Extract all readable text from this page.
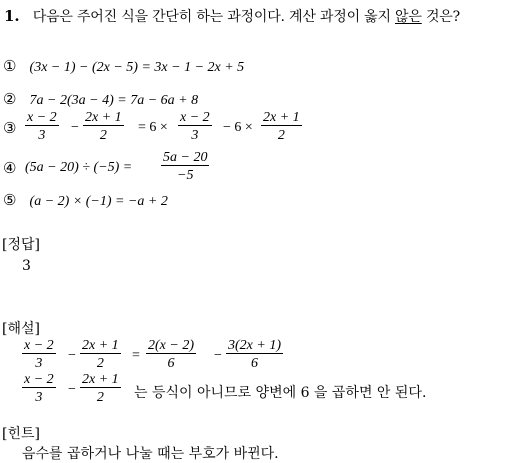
1. 다음은 주어진 식을 간단히 하는 과정이다. 계산 과정이 옳지 않은 것은?
① (3x − 1) − (2x − 5) = 3x − 1 − 2x + 5
② 7a − 2(3a − 4) = 7a − 6a + 8
③
x − 2
3
−
2x + 1
2
= 6 ×
x − 2
3
− 6 ×
2x + 1
2
④ (5a − 20) ÷ (−5) =
5a − 20
−5
⑤ (a − 2) × (−1) = −a + 2
[정답]
3
[해설]
x − 2
3
−
2x + 1
2
=
2(x − 2)
6
−
3(2x + 1)
6
x − 2
3
−
2x + 1
2 는 등식이 아니므로 양변에 6 을 곱하면 안 된다.
[힌트]
음수를 곱하거나 나눌 때는 부호가 바뀐다.
